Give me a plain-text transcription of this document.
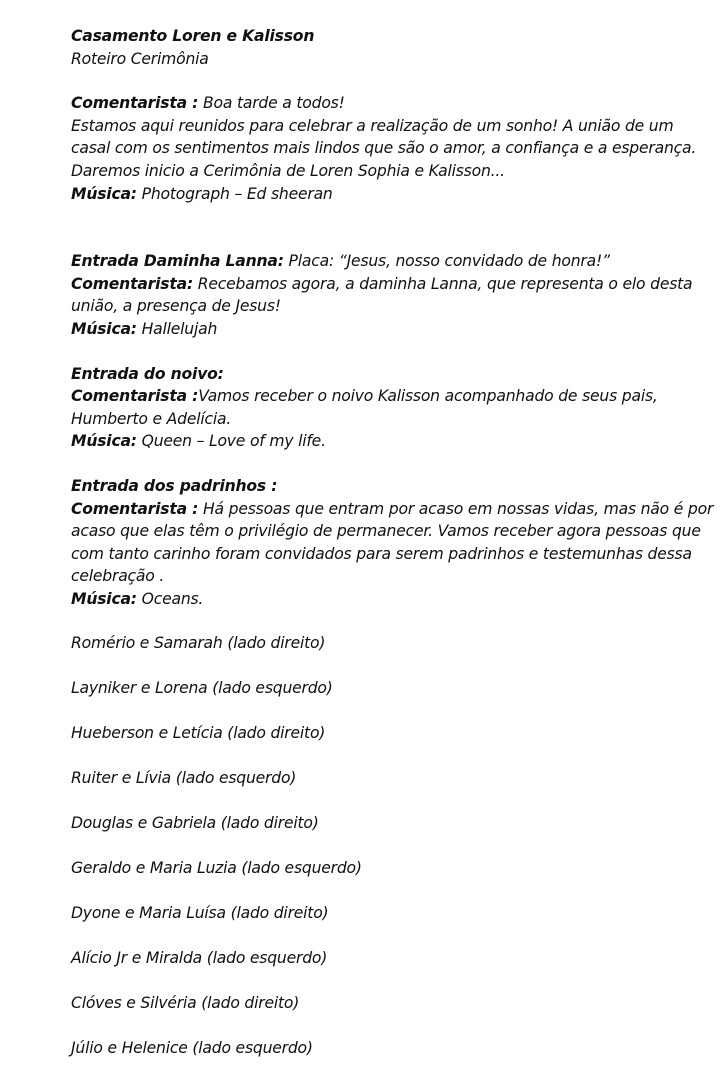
Casamento Loren e Kalisson
Roteiro Cerimônia
Comentarista : Boa tarde a todos!
Estamos aqui reunidos para celebrar a realização de um sonho! A união de um
casal com os sentimentos mais lindos que são o amor, a confiança e a esperança.
Daremos inicio a Cerimônia de Loren Sophia e Kalisson...
Música: Photograph – Ed sheeran
Entrada Daminha Lanna: Placa: “Jesus, nosso convidado de honra!”
Comentarista: Recebamos agora, a daminha Lanna, que representa o elo desta
união, a presença de Jesus!
Música: Hallelujah
Entrada do noivo:
Comentarista :Vamos receber o noivo Kalisson acompanhado de seus pais,
Humberto e Adelícia.
Música: Queen – Love of my life.
Entrada dos padrinhos :
Comentarista : Há pessoas que entram por acaso em nossas vidas, mas não é por
acaso que elas têm o privilégio de permanecer. Vamos receber agora pessoas que
com tanto carinho foram convidados para serem padrinhos e testemunhas dessa
celebração .
Música: Oceans.
Romério e Samarah (lado direito)
Layniker e Lorena (lado esquerdo)
Hueberson e Letícia (lado direito)
Ruiter e Lívia (lado esquerdo)
Douglas e Gabriela (lado direito)
Geraldo e Maria Luzia (lado esquerdo)
Dyone e Maria Luísa (lado direito)
Alício Jr e Miralda (lado esquerdo)
Clóves e Silvéria (lado direito)
Júlio e Helenice (lado esquerdo)
